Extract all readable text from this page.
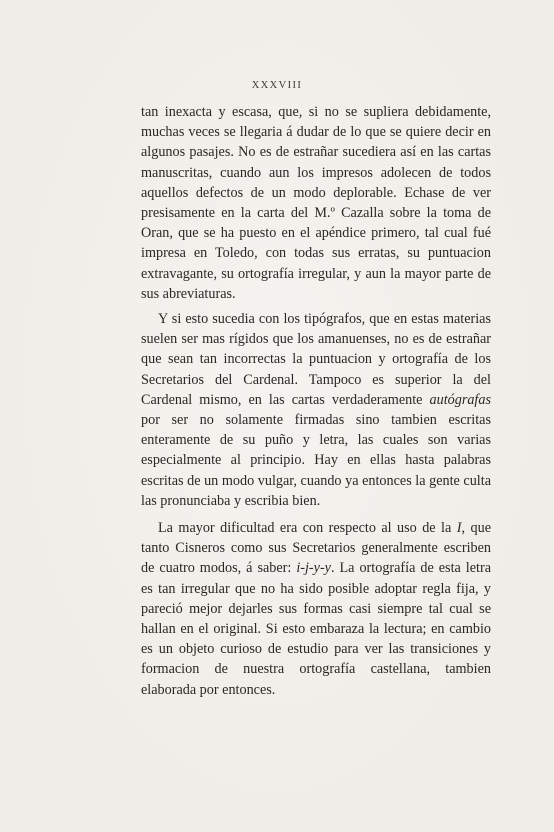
XXXVIII

tan inexacta y escasa, que, si no se supliera debidamente, muchas veces se llegaria á dudar de lo que se quiere decir en algunos pasajes. No es de estrañar sucediera así en las cartas manuscritas, cuando aun los impresos adolecen de todos aquellos defectos de un modo deplorable. Echase de ver presisamente en la carta del M.º Cazalla sobre la toma de Oran, que se ha puesto en el apéndice primero, tal cual fué impresa en Toledo, con todas sus erratas, su puntuacion extravagante, su ortografía irregular, y aun la mayor parte de sus abreviaturas.

Y si esto sucedia con los tipógrafos, que en estas materias suelen ser mas rígidos que los amanuenses, no es de estrañar que sean tan incorrectas la puntuacion y ortografía de los Secretarios del Cardenal. Tampoco es superior la del Cardenal mismo, en las cartas verdaderamente autógrafas por ser no solamente firmadas sino tambien escritas enteramente de su puño y letra, las cuales son varias especialmente al principio. Hay en ellas hasta palabras escritas de un modo vulgar, cuando ya entonces la gente culta las pronunciaba y escribia bien.

La mayor dificultad era con respecto al uso de la I, que tanto Cisneros como sus Secretarios generalmente escriben de cuatro modos, á saber: i-j-y-y. La ortografía de esta letra es tan irregular que no ha sido posible adoptar regla fija, y pareció mejor dejarles sus formas casi siempre tal cual se hallan en el original. Si esto embaraza la lectura; en cambio es un objeto curioso de estudio para ver las transiciones y formacion de nuestra ortografía castellana, tambien elaborada por entonces.
